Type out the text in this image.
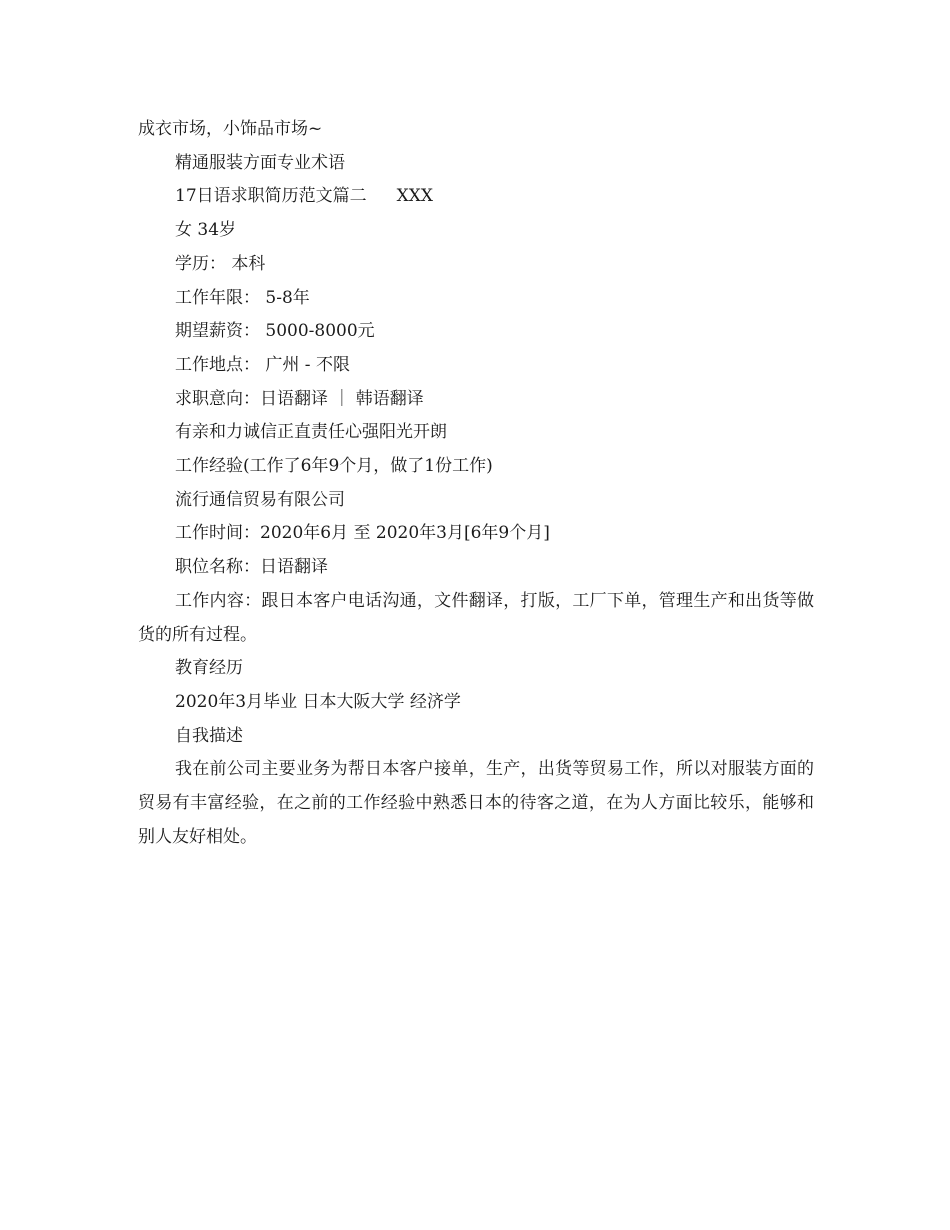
成衣市场，小饰品市场~

精通服装方面专业术语

17日语求职简历范文篇二 XXX

女 34岁

学历： 本科

工作年限： 5-8年

期望薪资： 5000-8000元

工作地点： 广州 - 不限

求职意向：日语翻译 ｜ 韩语翻译

有亲和力诚信正直责任心强阳光开朗

工作经验(工作了6年9个月，做了1份工作)

流行通信贸易有限公司

工作时间：2020年6月 至 2020年3月[6年9个月]

职位名称：日语翻译

工作内容：跟日本客户电话沟通，文件翻译，打版，工厂下单，管理生产和出货等做货的所有过程。

教育经历

2020年3月毕业 日本大阪大学 经济学

自我描述

我在前公司主要业务为帮日本客户接单，生产，出货等贸易工作，所以对服装方面的贸易有丰富经验，在之前的工作经验中熟悉日本的待客之道，在为人方面比较乐，能够和别人友好相处。
